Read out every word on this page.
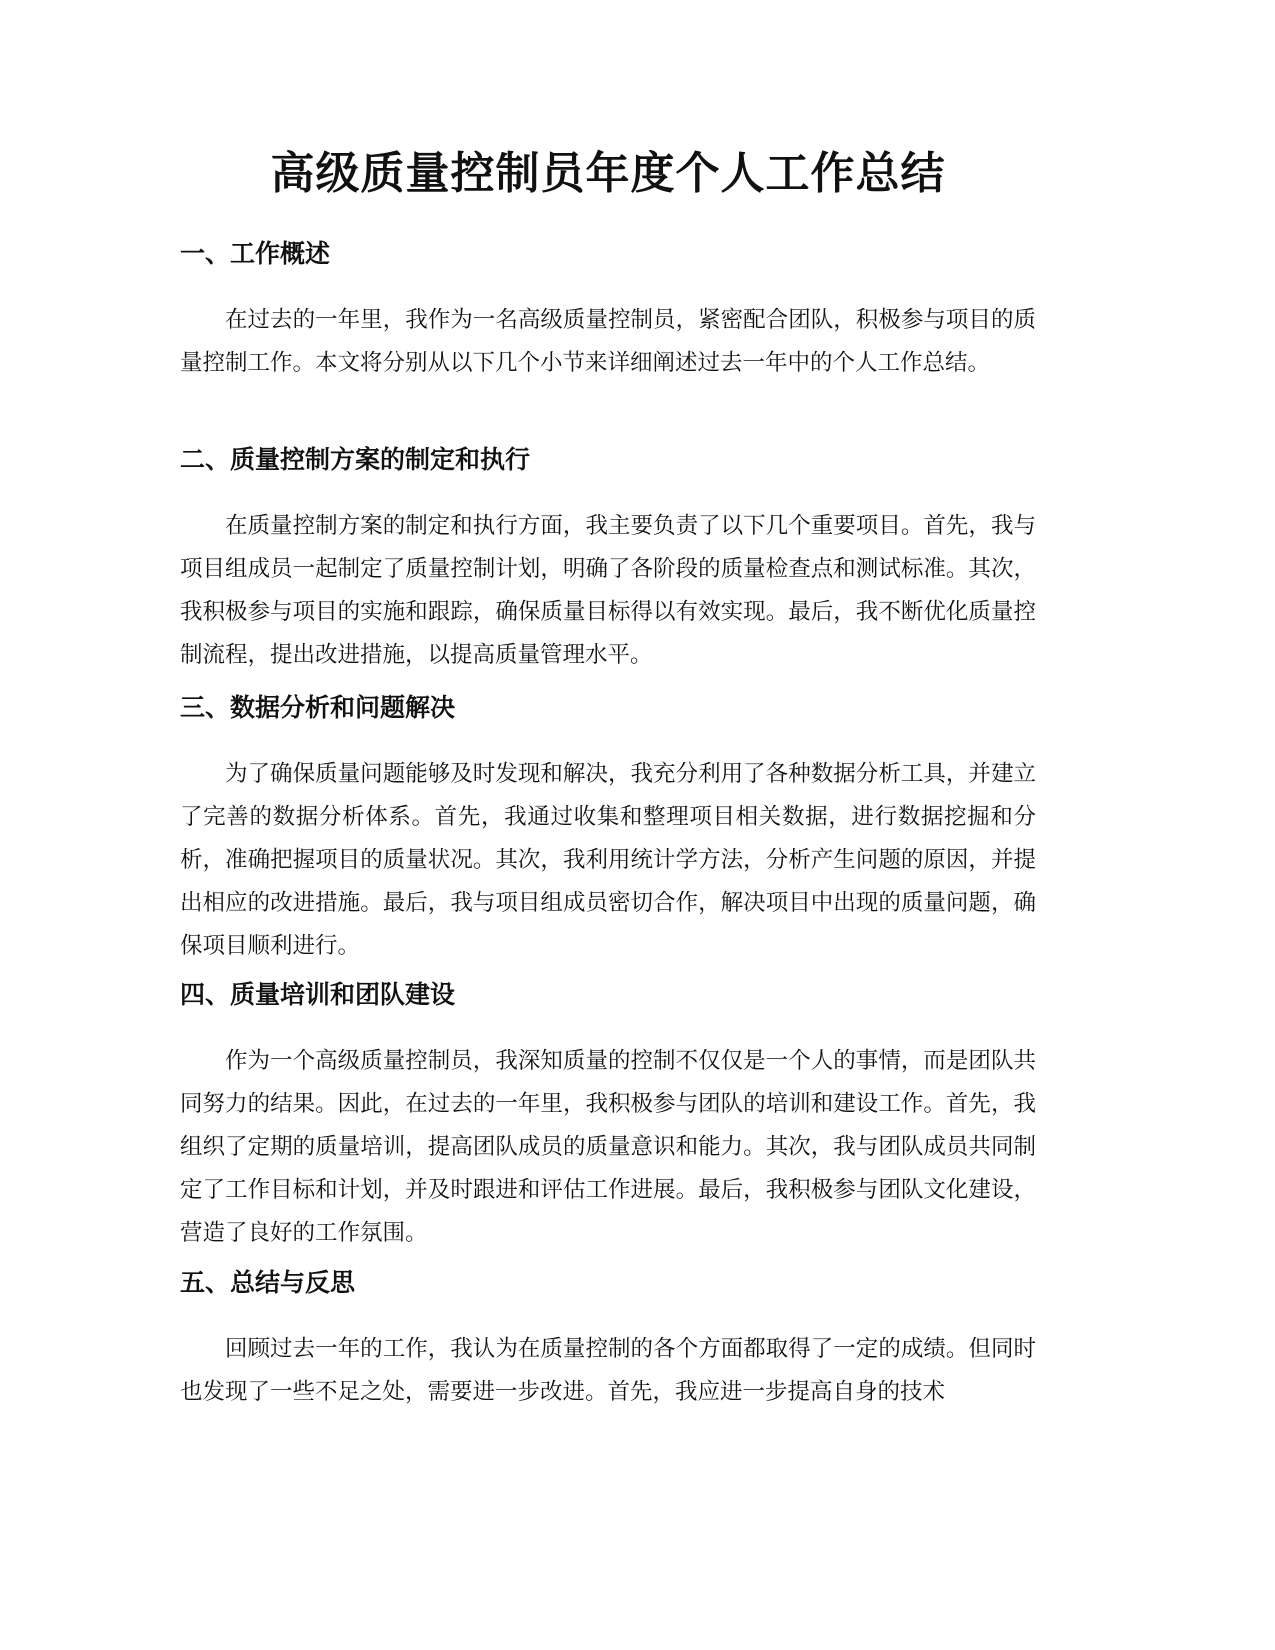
高级质量控制员年度个人工作总结
一、工作概述

在过去的一年里，我作为一名高级质量控制员，紧密配合团队，积极参与项目的质量控制工作。本文将分别从以下几个小节来详细阐述过去一年中的个人工作总结。

二、质量控制方案的制定和执行

在质量控制方案的制定和执行方面，我主要负责了以下几个重要项目。首先，我与项目组成员一起制定了质量控制计划，明确了各阶段的质量检查点和测试标准。其次，我积极参与项目的实施和跟踪，确保质量目标得以有效实现。最后，我不断优化质量控制流程，提出改进措施，以提高质量管理水平。

三、数据分析和问题解决

为了确保质量问题能够及时发现和解决，我充分利用了各种数据分析工具，并建立了完善的数据分析体系。首先，我通过收集和整理项目相关数据，进行数据挖掘和分析，准确把握项目的质量状况。其次，我利用统计学方法，分析产生问题的原因，并提出相应的改进措施。最后，我与项目组成员密切合作，解决项目中出现的质量问题，确保项目顺利进行。

四、质量培训和团队建设

作为一个高级质量控制员，我深知质量的控制不仅仅是一个人的事情，而是团队共同努力的结果。因此，在过去的一年里，我积极参与团队的培训和建设工作。首先，我组织了定期的质量培训，提高团队成员的质量意识和能力。其次，我与团队成员共同制定了工作目标和计划，并及时跟进和评估工作进展。最后，我积极参与团队文化建设，营造了良好的工作氛围。

五、总结与反思

回顾过去一年的工作，我认为在质量控制的各个方面都取得了一定的成绩。但同时也发现了一些不足之处，需要进一步改进。首先，我应进一步提高自身的技术
